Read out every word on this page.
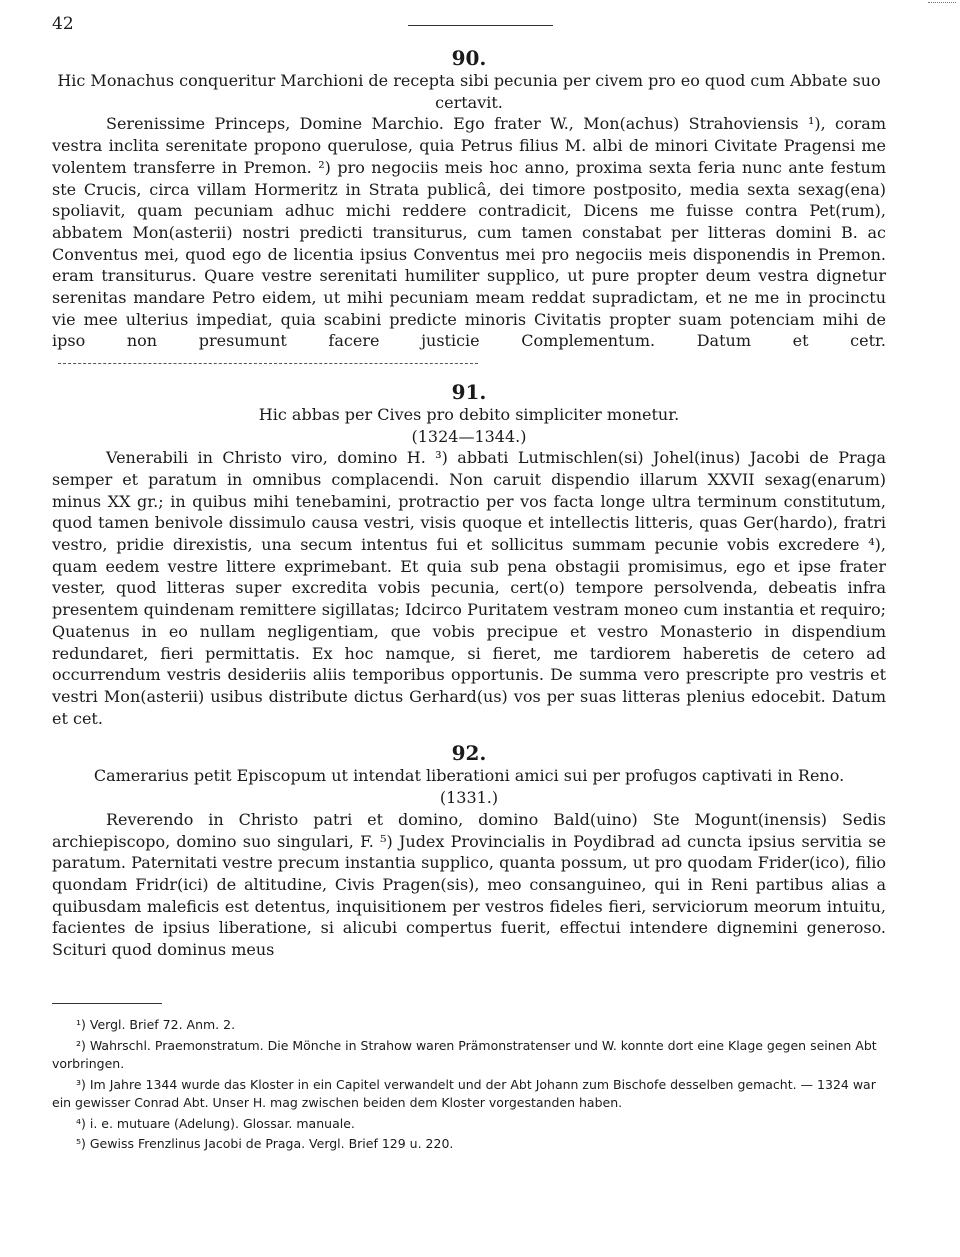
42
90.
Hic Monachus conqueritur Marchioni de recepta sibi pecunia per civem pro eo quod cum Abbate suo certavit.

Serenissime Princeps, Domine Marchio. Ego frater W., Mon(achus) Strahoviensis ¹), coram vestra inclita serenitate propono querulose, quia Petrus filius M. albi de minori Civitate Pragensi me volentem transferre in Premon. ²) pro negociis meis hoc anno, proxima sexta feria nunc ante festum ste Crucis, circa villam Hormeritz in Strata publicâ, dei timore postposito, media sexta sexag(ena) spoliavit, quam pecuniam adhuc michi reddere contradicit, Dicens me fuisse contra Pet(rum), abbatem Mon(asterii) nostri predicti transiturus, cum tamen constabat per litteras domini B. ac Conventus mei, quod ego de licentia ipsius Conventus mei pro negociis meis disponendis in Premon. eram transiturus. Quare vestre serenitati humiliter supplico, ut pure propter deum vestra dignetur serenitas mandare Petro eidem, ut mihi pecuniam meam reddat supradictam, et ne me in procinctu vie mee ulterius impediat, quia scabini predicte minoris Civitatis propter suam potenciam mihi de ipso non presumunt facere justicie Complementum. Datum et cetr.

91.
Hic abbas per Cives pro debito simpliciter monetur.
(1324—1344.)

Venerabili in Christo viro, domino H. ³) abbati Lutmischlen(si) Johel(inus) Jacobi de Praga semper et paratum in omnibus complacendi. Non caruit dispendio illarum XXVII sexag(enarum) minus XX gr.; in quibus mihi tenebamini, protractio per vos facta longe ultra terminum constitutum, quod tamen benivole dissimulo causa vestri, visis quoque et intellectis litteris, quas Ger(hardo), fratri vestro, pridie direxistis, una secum intentus fui et sollicitus summam pecunie vobis excredere ⁴), quam eedem vestre littere exprimebant. Et quia sub pena obstagii promisimus, ego et ipse frater vester, quod litteras super excredita vobis pecunia, cert(o) tempore persolvenda, debeatis infra presentem quindenam remittere sigillatas; Idcirco Puritatem vestram moneo cum instantia et requiro; Quatenus in eo nullam negligentiam, que vobis precipue et vestro Monasterio in dispendium redundaret, fieri permittatis. Ex hoc namque, si fieret, me tardiorem haberetis de cetero ad occurrendum vestris desideriis aliis temporibus opportunis. De summa vero prescripte pro vestris et vestri Mon(asterii) usibus distribute dictus Gerhard(us) vos per suas litteras plenius edocebit. Datum et cet.

92.
Camerarius petit Episcopum ut intendat liberationi amici sui per profugos captivati in Reno.
(1331.)

Reverendo in Christo patri et domino, domino Bald(uino) Ste Mogunt(inensis) Sedis archiepiscopo, domino suo singulari, F. ⁵) Judex Provincialis in Poydibrad ad cuncta ipsius servitia se paratum. Paternitati vestre precum instantia supplico, quanta possum, ut pro quodam Frider(ico), filio quondam Fridr(ici) de altitudine, Civis Pragen(sis), meo consanguineo, qui in Reni partibus alias a quibusdam maleficis est detentus, inquisitionem per vestros fideles fieri, serviciorum meorum intuitu, facientes de ipsius liberatione, si alicubi compertus fuerit, effectui intendere dignemini generoso. Scituri quod dominus meus

¹) Vergl. Brief 72. Anm. 2.

²) Wahrschl. Praemonstratum. Die Mönche in Strahow waren Prämonstratenser und W. konnte dort eine Klage gegen seinen Abt vorbringen.

³) Im Jahre 1344 wurde das Kloster in ein Capitel verwandelt und der Abt Johann zum Bischofe desselben gemacht. — 1324 war ein gewisser Conrad Abt. Unser H. mag zwischen beiden dem Kloster vorgestanden haben.

⁴) i. e. mutuare (Adelung). Glossar. manuale.

⁵) Gewiss Frenzlinus Jacobi de Praga. Vergl. Brief 129 u. 220.
